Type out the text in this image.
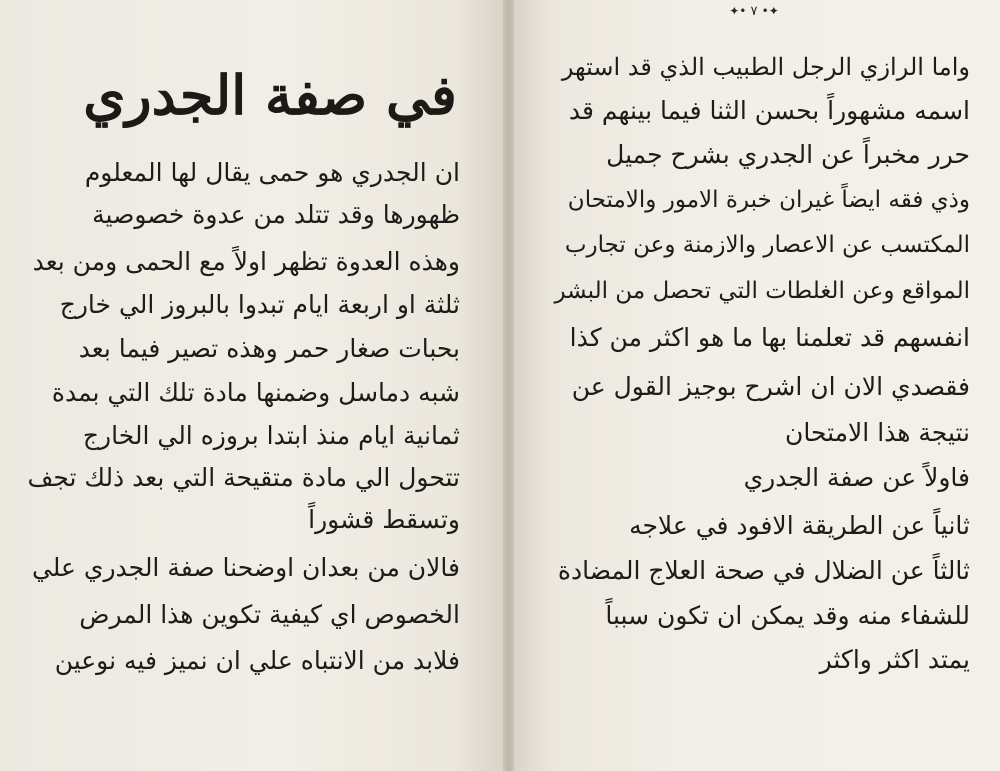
في صفة الجدري
ان الجدري هو حمى يقال لها المعلوم
ظهورها وقد تتلد من عدوة خصوصية
وهذه العدوة تظهر اولاً مع الحمى ومن بعد
ثلثة او اربعة ايام تبدوا بالبروز الي خارج
بحبات صغار حمر وهذه تصير فيما بعد
شبه دماسل وضمنها مادة تلك التي بمدة
ثمانية ايام منذ ابتدا بروزه الي الخارج
تتحول الي مادة متقيحة التي بعد ذلك تجف
وتسقط قشوراً
فالان من بعدان اوضحنا صفة الجدري علي
الخصوص اي كيفية تكوين هذا المرض
فلابد من الانتباه علي ان نميز فيه نوعين
✦• ٧ •✦
واما الرازي الرجل الطبيب الذي قد استهر
اسمه مشهوراً بحسن الثنا فيما بينهم قد
حرر مخبراً عن الجدري بشرح جميل
وذي فقه ايضاً غيران خبرة الامور والامتحان
المكتسب عن الاعصار والازمنة وعن تجارب
المواقع وعن الغلطات التي تحصل من البشر
انفسهم قد تعلمنا بها ما هو اكثر من كذا
فقصدي الان ان اشرح بوجيز القول عن
نتيجة هذا الامتحان
فاولاً عن صفة الجدري
ثانياً عن الطريقة الافود في علاجه
ثالثاً عن الضلال في صحة العلاج المضادة
للشفاء منه وقد يمكن ان تكون سبباً
يمتد اكثر واكثر
